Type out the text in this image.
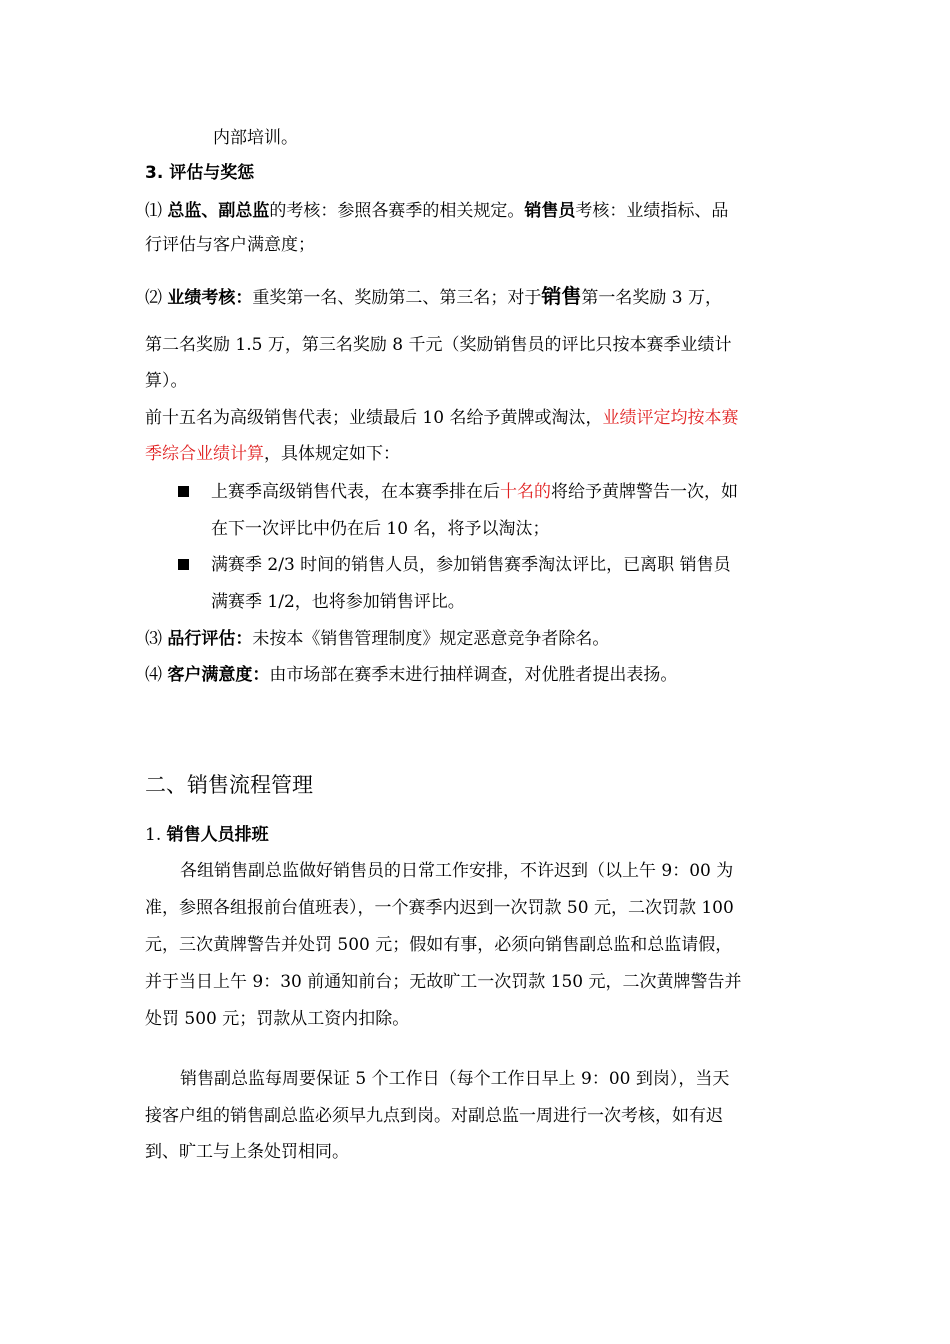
内部培训。
3. 评估与奖惩
⑴ 总监、副总监的考核：参照各赛季的相关规定。销售员考核：业绩指标、品
行评估与客户满意度；
⑵ 业绩考核：重奖第一名、奖励第二、第三名；对于销售第一名奖励 3 万，
第二名奖励 1.5 万，第三名奖励 8 千元（奖励销售员的评比只按本赛季业绩计
算）。
前十五名为高级销售代表；业绩最后 10 名给予黄牌或淘汰，业绩评定均按本赛
季综合业绩计算，具体规定如下：
上赛季高级销售代表，在本赛季排在后十名的将给予黄牌警告一次，如
在下一次评比中仍在后 10 名，将予以淘汰；
满赛季 2/3 时间的销售人员，参加销售赛季淘汰评比，已离职 销售员
满赛季 1/2，也将参加销售评比。
⑶ 品行评估：未按本《销售管理制度》规定恶意竞争者除名。
⑷ 客户满意度：由市场部在赛季末进行抽样调查，对优胜者提出表扬。
二、销售流程管理
1. 销售人员排班
各组销售副总监做好销售员的日常工作安排，不许迟到（以上午 9：00 为
准，参照各组报前台值班表），一个赛季内迟到一次罚款 50 元，二次罚款 100
元，三次黄牌警告并处罚 500 元；假如有事，必须向销售副总监和总监请假，
并于当日上午 9：30 前通知前台；无故旷工一次罚款 150 元，二次黄牌警告并
处罚 500 元；罚款从工资内扣除。
销售副总监每周要保证 5 个工作日（每个工作日早上 9：00 到岗），当天
接客户组的销售副总监必须早九点到岗。对副总监一周进行一次考核，如有迟
到、旷工与上条处罚相同。
